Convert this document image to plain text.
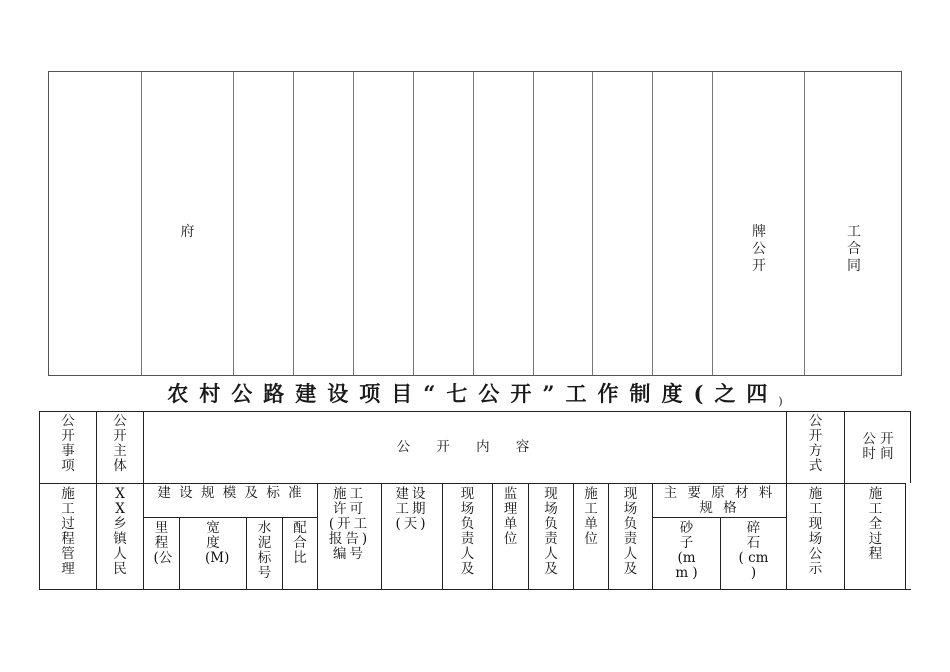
府	牌公开
工合同
农村公路建设项目“七公开”工作制度(之四)
公开事项
公开主体
公 开 内 容
公开方式
公 开
时 间
施工过程管理
XX乡镇人民
建 设 规 模 及 标 准
里程(公
宽度(M)
水泥标号
配合比
施工许可(开工报告)编号
建设工期(天)
现场负责人及
监理单位
现场负责人及
施工单位
现场负责人及
主 要 原 材 料 规 格
砂
子
(m
m )
碎
石
( cm
)
施工现场公示
施工全过程
